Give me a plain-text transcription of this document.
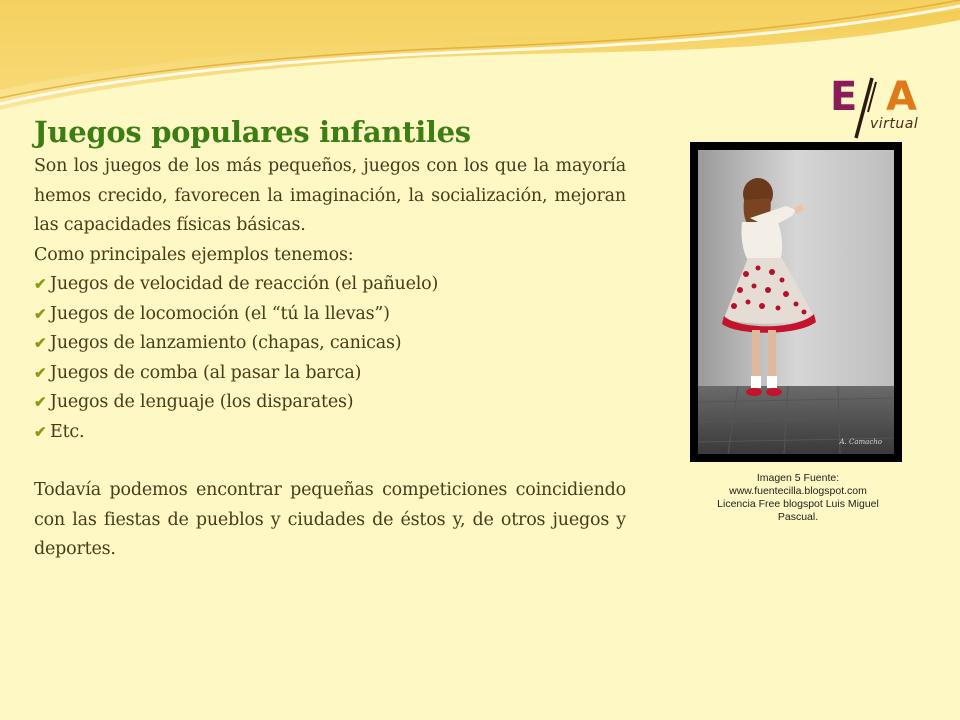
E A
virtual
Juegos populares infantiles

Son los juegos de los más pequeños, juegos con los que la mayoría hemos crecido, favorecen la imaginación, la socialización, mejoran las capacidades físicas básicas.

Como principales ejemplos tenemos:

✔ Juegos de velocidad de reacción (el pañuelo)
✔ Juegos de locomoción (el “tú la llevas”)
✔ Juegos de lanzamiento (chapas, canicas)
✔ Juegos de comba (al pasar la barca)
✔ Juegos de lenguaje (los disparates)
✔ Etc.

Todavía podemos encontrar pequeñas competiciones coincidiendo con las fiestas de pueblos y ciudades de éstos y, de otros juegos y deportes.

A. Camacho
Imagen 5 Fuente:
www.fuentecilla.blogspot.com
Licencia Free blogspot Luis Miguel Pascual.
